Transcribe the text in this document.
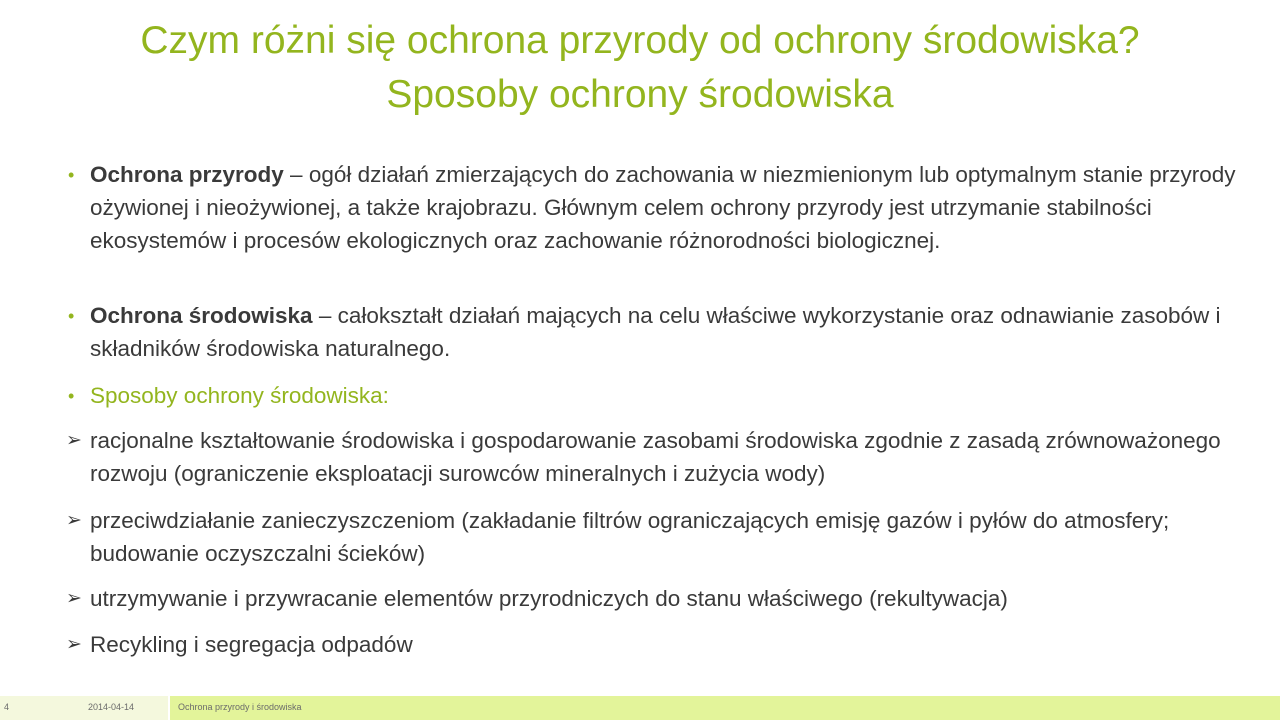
Czym różni się ochrona przyrody od ochrony środowiska?
Sposoby ochrony środowiska
• Ochrona przyrody – ogół działań zmierzających do zachowania w niezmienionym lub optymalnym stanie przyrody ożywionej i nieożywionej, a także krajobrazu. Głównym celem ochrony przyrody jest utrzymanie stabilności ekosystemów i procesów ekologicznych oraz zachowanie różnorodności biologicznej.
• Ochrona środowiska – całokształt działań mających na celu właściwe wykorzystanie oraz odnawianie zasobów i składników środowiska naturalnego.
• Sposoby ochrony środowiska:
➢ racjonalne kształtowanie środowiska i gospodarowanie zasobami środowiska zgodnie z zasadą zrównoważonego rozwoju (ograniczenie eksploatacji surowców mineralnych i zużycia wody)
➢ przeciwdziałanie zanieczyszczeniom (zakładanie filtrów ograniczających emisję gazów i pyłów do atmosfery; budowanie oczyszczalni ścieków)
➢ utrzymywanie i przywracanie elementów przyrodniczych do stanu właściwego (rekultywacja)
➢ Recykling i segregacja odpadów
4	2014-04-14	Ochrona przyrody i środowiska
